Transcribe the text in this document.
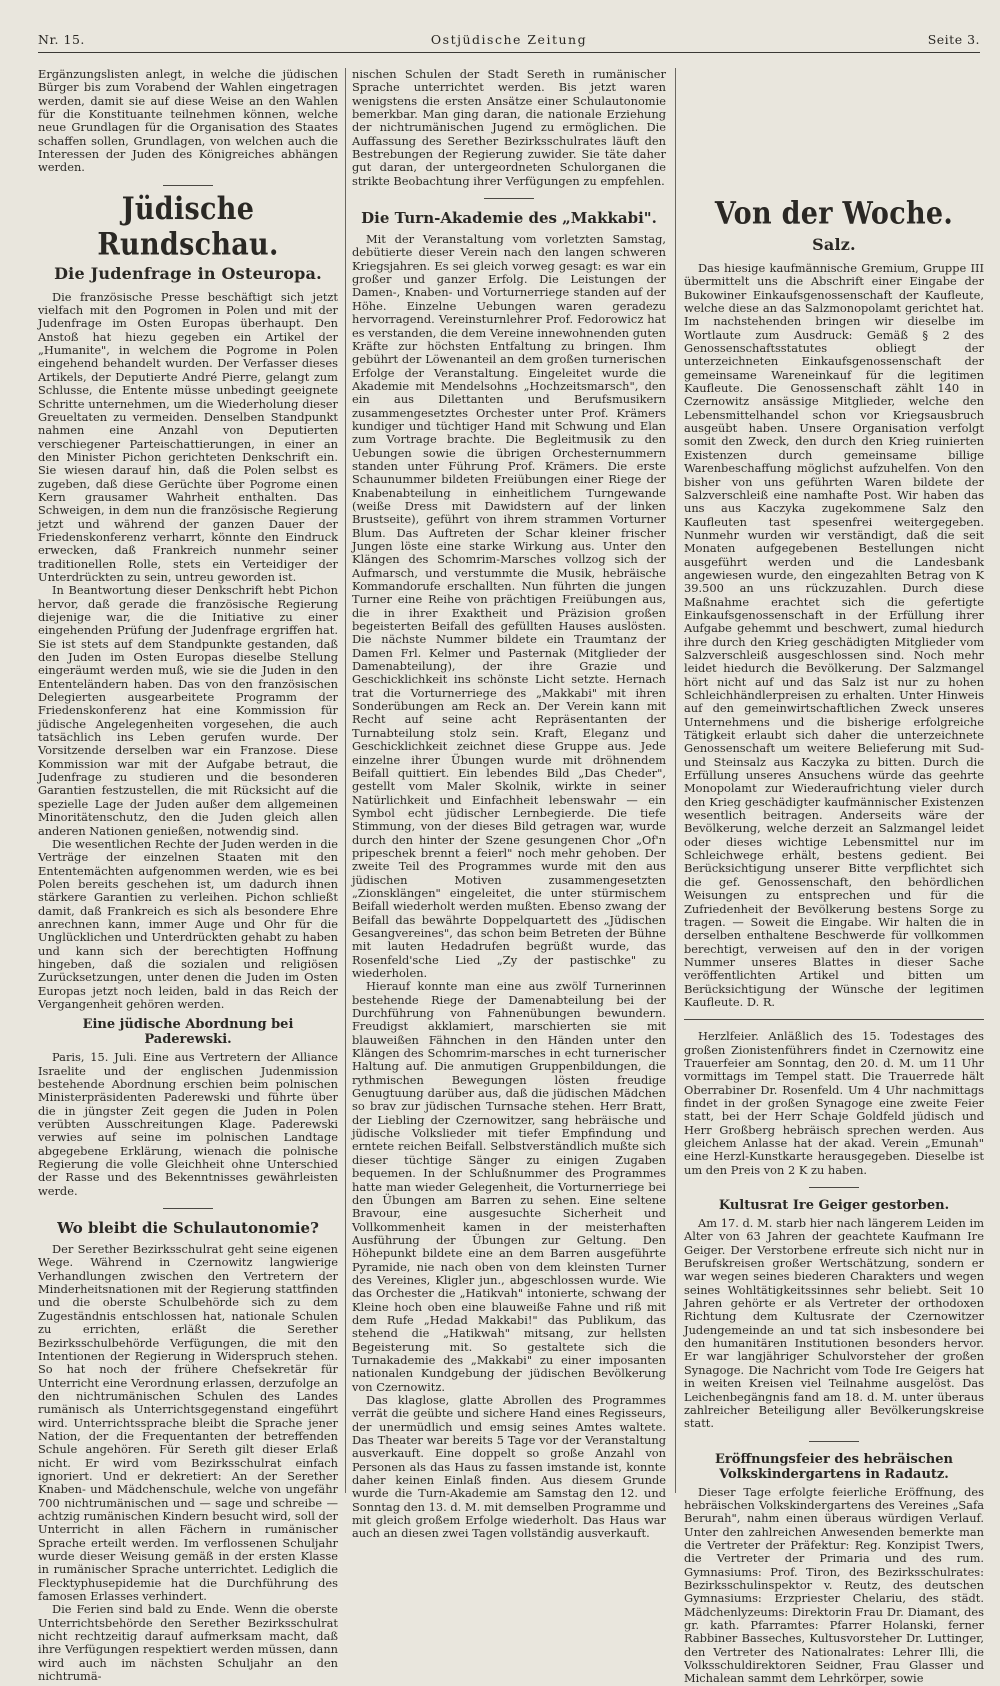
Nr. 15.	Ostjüdische Zeitung	Seite 3.

Ergänzungslisten anlegt, in welche die jüdischen Bürger bis zum Vorabend der Wahlen eingetragen werden, damit sie auf diese Weise an den Wahlen für die Konstituante teilnehmen können, welche neue Grundlagen für die Organisation des Staates schaffen sollen, Grundlagen, von welchen auch die Interessen der Juden des Königreiches abhängen werden.

Jüdische Rundschau.
Die Judenfrage in Osteuropa.

Die französische Presse beschäftigt sich jetzt vielfach mit den Pogromen in Polen und mit der Judenfrage im Osten Europas überhaupt. Den Anstoß hat hiezu gegeben ein Artikel der „Humanite", in welchem die Pogrome in Polen eingehend behandelt wurden. Der Verfasser dieses Artikels, der Deputierte André Pierre, gelangt zum Schlusse, die Entente müsse unbedingt geeignete Schritte unternehmen, um die Wiederholung dieser Greueltaten zu vermeiden. Denselben Standpunkt nahmen eine Anzahl von Deputierten verschiegener Parteischattierungen, in einer an den Minister Pichon gerichteten Denkschrift ein. Sie wiesen darauf hin, daß die Polen selbst es zugeben, daß diese Gerüchte über Pogrome einen Kern grausamer Wahrheit enthalten. Das Schweigen, in dem nun die französische Regierung jetzt und während der ganzen Dauer der Friedenskonferenz verharrt, könnte den Eindruck erwecken, daß Frankreich nunmehr seiner traditionellen Rolle, stets ein Verteidiger der Unterdrückten zu sein, untreu geworden ist.

In Beantwortung dieser Denkschrift hebt Pichon hervor, daß gerade die französische Regierung diejenige war, die die Initiative zu einer eingehenden Prüfung der Judenfrage ergriffen hat. Sie ist stets auf dem Standpunkte gestanden, daß den Juden im Osten Europas dieselbe Stellung eingeräumt werden muß, wie sie die Juden in den Ententeländern haben. Das von den französischen Delegierten ausgearbeitete Programm der Friedenskonferenz hat eine Kommission für jüdische Angelegenheiten vorgesehen, die auch tatsächlich ins Leben gerufen wurde. Der Vorsitzende derselben war ein Franzose. Diese Kommission war mit der Aufgabe betraut, die Judenfrage zu studieren und die besonderen Garantien festzustellen, die mit Rücksicht auf die spezielle Lage der Juden außer dem allgemeinen Minoritätenschutz, den die Juden gleich allen anderen Nationen genießen, notwendig sind.

Die wesentlichen Rechte der Juden werden in die Verträge der einzelnen Staaten mit den Ententemächten aufgenommen werden, wie es bei Polen bereits geschehen ist, um dadurch ihnen stärkere Garantien zu verleihen. Pichon schließt damit, daß Frankreich es sich als besondere Ehre anrechnen kann, immer Auge und Ohr für die Unglücklichen und Unterdrückten gehabt zu haben und kann sich der berechtigten Hoffnung hingeben, daß die sozialen und religiösen Zurücksetzungen, unter denen die Juden im Osten Europas jetzt noch leiden, bald in das Reich der Vergangenheit gehören werden.

Eine jüdische Abordnung bei Paderewski.

Paris, 15. Juli. Eine aus Vertretern der Alliance Israelite und der englischen Judenmission bestehende Abordnung erschien beim polnischen Ministerpräsidenten Paderewski und führte über die in jüngster Zeit gegen die Juden in Polen verübten Ausschreitungen Klage. Paderewski verwies auf seine im polnischen Landtage abgegebene Erklärung, wienach die polnische Regierung die volle Gleichheit ohne Unterschied der Rasse und des Bekenntnisses gewährleisten werde.

Wo bleibt die Schulautonomie?

Der Serether Bezirksschulrat geht seine eigenen Wege. Während in Czernowitz langwierige Verhandlungen zwischen den Vertretern der Minderheitsnationen mit der Regierung stattfinden und die oberste Schulbehörde sich zu dem Zugeständnis entschlossen hat, nationale Schulen zu errichten, erläßt die Serether Bezirksschulbehörde Verfügungen, die mit den Intentionen der Regierung in Widerspruch stehen. So hat noch der frühere Chefsekretär für Unterricht eine Verordnung erlassen, derzufolge an den nichtrumänischen Schulen des Landes rumänisch als Unterrichtsgegenstand eingeführt wird. Unterrichtssprache bleibt die Sprache jener Nation, der die Frequentanten der betreffenden Schule angehören. Für Sereth gilt dieser Erlaß nicht. Er wird vom Bezirksschulrat einfach ignoriert. Und er dekretiert: An der Serether Knaben- und Mädchenschule, welche von ungefähr 700 nichtrumänischen und — sage und schreibe — achtzig rumänischen Kindern besucht wird, soll der Unterricht in allen Fächern in rumänischer Sprache erteilt werden. Im verflossenen Schuljahr wurde dieser Weisung gemäß in der ersten Klasse in rumänischer Sprache unterrichtet. Lediglich die Flecktyphusepidemie hat die Durchführung des famosen Erlasses verhindert.

Die Ferien sind bald zu Ende. Wenn die oberste Unterrichtsbehörde den Serether Bezirksschulrat nicht rechtzeitig darauf aufmerksam macht, daß ihre Verfügungen respektiert werden müssen, dann wird auch im nächsten Schuljahr an den nichtrumä-

nischen Schulen der Stadt Sereth in rumänischer Sprache unterrichtet werden. Bis jetzt waren wenigstens die ersten Ansätze einer Schulautonomie bemerkbar. Man ging daran, die nationale Erziehung der nichtrumänischen Jugend zu ermöglichen. Die Auffassung des Serether Bezirksschulrates läuft den Bestrebungen der Regierung zuwider. Sie täte daher gut daran, der untergeordneten Schulorganen die strikte Beobachtung ihrer Verfügungen zu empfehlen.

Die Turn-Akademie des „Makkabi".

Mit der Veranstaltung vom vorletzten Samstag, debütierte dieser Verein nach den langen schweren Kriegsjahren. Es sei gleich vorweg gesagt: es war ein großer und ganzer Erfolg. Die Leistungen der Damen-, Knaben- und Vorturnerriege standen auf der Höhe. Einzelne Uebungen waren geradezu hervorragend. Vereinsturnlehrer Prof. Fedorowicz hat es verstanden, die dem Vereine innewohnenden guten Kräfte zur höchsten Entfaltung zu bringen. Ihm gebührt der Löwenanteil an dem großen turnerischen Erfolge der Veranstaltung. Eingeleitet wurde die Akademie mit Mendelsohns „Hochzeitsmarsch", den ein aus Dilettanten und Berufsmusikern zusammengesetztes Orchester unter Prof. Krämers kundiger und tüchtiger Hand mit Schwung und Elan zum Vortrage brachte. Die Begleitmusik zu den Uebungen sowie die übrigen Orchesternummern standen unter Führung Prof. Krämers. Die erste Schaunummer bildeten Freiübungen einer Riege der Knabenabteilung in einheitlichem Turngewande (weiße Dress mit Dawidstern auf der linken Brustseite), geführt von ihrem strammen Vorturner Blum. Das Auftreten der Schar kleiner frischer Jungen löste eine starke Wirkung aus. Unter den Klängen des Schomrim-Marsches vollzog sich der Aufmarsch, und verstummte die Musik, hebräische Kommandorufe erschallten. Nun führten die jungen Turner eine Reihe von prächtigen Freiübungen aus, die in ihrer Exaktheit und Präzision großen begeisterten Beifall des gefüllten Hauses auslösten. Die nächste Nummer bildete ein Traumtanz der Damen Frl. Kelmer und Pasternak (Mitglieder der Damenabteilung), der ihre Grazie und Geschicklichkeit ins schönste Licht setzte. Hernach trat die Vorturnerriege des „Makkabi" mit ihren Sonderübungen am Reck an. Der Verein kann mit Recht auf seine acht Repräsentanten der Turnabteilung stolz sein. Kraft, Eleganz und Geschicklichkeit zeichnet diese Gruppe aus. Jede einzelne ihrer Übungen wurde mit dröhnendem Beifall quittiert. Ein lebendes Bild „Das Cheder", gestellt vom Maler Skolnik, wirkte in seiner Natürlichkeit und Einfachheit lebenswahr — ein Symbol echt jüdischer Lernbegierde. Die tiefe Stimmung, von der dieses Bild getragen war, wurde durch den hinter der Szene gesungenen Chor „Of'n pripeschek brennt a feierl" noch mehr gehoben. Der zweite Teil des Programmes wurde mit den aus jüdischen Motiven zusammengesetzten „Zionsklängen" eingeleitet, die unter stürmischem Beifall wiederholt werden mußten. Ebenso zwang der Beifall das bewährte Doppelquartett des „Jüdischen Gesangvereines", das schon beim Betreten der Bühne mit lauten Hedadrufen begrüßt wurde, das Rosenfeld'sche Lied „Zy der pastischke" zu wiederholen.

Hierauf konnte man eine aus zwölf Turnerinnen bestehende Riege der Damenabteilung bei der Durchführung von Fahnenübungen bewundern. Freudigst akklamiert, marschierten sie mit blauweißen Fähnchen in den Händen unter den Klängen des Schomrim-marsches in echt turnerischer Haltung auf. Die anmutigen Gruppenbildungen, die rythmischen Bewegungen lösten freudige Genugtuung darüber aus, daß die jüdischen Mädchen so brav zur jüdischen Turnsache stehen. Herr Bratt, der Liebling der Czernowitzer, sang hebräische und jüdische Volkslieder mit tiefer Empfindung und erntete reichen Beifall. Selbstverständlich mußte sich dieser tüchtige Sänger zu einigen Zugaben bequemen. In der Schlußnummer des Programmes hatte man wieder Gelegenheit, die Vorturnerriege bei den Übungen am Barren zu sehen. Eine seltene Bravour, eine ausgesuchte Sicherheit und Vollkommenheit kamen in der meisterhaften Ausführung der Übungen zur Geltung. Den Höhepunkt bildete eine an dem Barren ausgeführte Pyramide, nie nach oben von dem kleinsten Turner des Vereines, Kligler jun., abgeschlossen wurde. Wie das Orchester die „Hatikvah" intonierte, schwang der Kleine hoch oben eine blauweiße Fahne und riß mit dem Rufe „Hedad Makkabi!" das Publikum, das stehend die „Hatikwah" mitsang, zur hellsten Begeisterung mit. So gestaltete sich die Turnakademie des „Makkabi" zu einer imposanten nationalen Kundgebung der jüdischen Bevölkerung von Czernowitz.

Das klaglose, glatte Abrollen des Programmes verrät die geübte und sichere Hand eines Regisseurs, der unermüdlich und emsig seines Amtes waltete. Das Theater war bereits 5 Tage vor der Veranstaltung ausverkauft. Eine doppelt so große Anzahl von Personen als das Haus zu fassen imstande ist, konnte daher keinen Einlaß finden. Aus diesem Grunde wurde die Turn-Akademie am Samstag den 12. und Sonntag den 13. d. M. mit demselben Programme und mit gleich großem Erfolge wiederholt. Das Haus war auch an diesen zwei Tagen vollständig ausverkauft.

Von der Woche.
Salz.

Das hiesige kaufmännische Gremium, Gruppe III übermittelt uns die Abschrift einer Eingabe der Bukowiner Einkaufsgenossenschaft der Kaufleute, welche diese an das Salzmonopolamt gerichtet hat. Im nachstehenden bringen wir dieselbe im Wortlaute zum Ausdruck: Gemäß § 2 des Genossenschaftsstatutes obliegt der unterzeichneten Einkaufsgenossenschaft der gemeinsame Wareneinkauf für die legitimen Kaufleute. Die Genossenschaft zählt 140 in Czernowitz ansässige Mitglieder, welche den Lebensmittelhandel schon vor Kriegsausbruch ausgeübt haben. Unsere Organisation verfolgt somit den Zweck, den durch den Krieg ruinierten Existenzen durch gemeinsame billige Warenbeschaffung möglichst aufzuhelfen. Von den bisher von uns geführten Waren bildete der Salzverschleiß eine namhafte Post. Wir haben das uns aus Kaczyka zugekommene Salz den Kaufleuten tast spesenfrei weitergegeben. Nunmehr wurden wir verständigt, daß die seit Monaten aufgegebenen Bestellungen nicht ausgeführt werden und die Landesbank angewiesen wurde, den eingezahlten Betrag von K 39.500 an uns rückzuzahlen. Durch diese Maßnahme erachtet sich die gefertigte Einkaufsgenossenschaft in der Erfüllung ihrer Aufgabe gehemmt und beschwert, zumal hiedurch ihre durch den Krieg geschädigten Mitglieder vom Salzverschleiß ausgeschlossen sind. Noch mehr leidet hiedurch die Bevölkerung. Der Salzmangel hört nicht auf und das Salz ist nur zu hohen Schleichhändlerpreisen zu erhalten. Unter Hinweis auf den gemeinwirtschaftlichen Zweck unseres Unternehmens und die bisherige erfolgreiche Tätigkeit erlaubt sich daher die unterzeichnete Genossenschaft um weitere Belieferung mit Sud- und Steinsalz aus Kaczyka zu bitten. Durch die Erfüllung unseres Ansuchens würde das geehrte Monopolamt zur Wiederaufrichtung vieler durch den Krieg geschädigter kaufmännischer Existenzen wesentlich beitragen. Anderseits wäre der Bevölkerung, welche derzeit an Salzmangel leidet oder dieses wichtige Lebensmittel nur im Schleichwege erhält, bestens gedient. Bei Berücksichtigung unserer Bitte verpflichtet sich die gef. Genossenschaft, den behördlichen Weisungen zu entsprechen und für die Zufriedenheit der Bevölkerung bestens Sorge zu tragen. — Soweit die Eingabe. Wir halten die in derselben enthaltene Beschwerde für vollkommen berechtigt, verweisen auf den in der vorigen Nummer unseres Blattes in dieser Sache veröffentlichten Artikel und bitten um Berücksichtigung der Wünsche der legitimen Kaufleute. D. R.

Herzlfeier. Anläßlich des 15. Todestages des großen Zionistenführers findet in Czernowitz eine Trauerfeier am Sonntag, den 20. d. M. um 11 Uhr vormittags im Tempel statt. Die Trauerrede hält Oberrabiner Dr. Rosenfeld. Um 4 Uhr nachmittags findet in der großen Synagoge eine zweite Feier statt, bei der Herr Schaje Goldfeld jüdisch und Herr Großberg hebräisch sprechen werden. Aus gleichem Anlasse hat der akad. Verein „Emunah" eine Herzl-Kunstkarte herausgegeben. Dieselbe ist um den Preis von 2 K zu haben.

Kultusrat Ire Geiger gestorben.

Am 17. d. M. starb hier nach längerem Leiden im Alter von 63 Jahren der geachtete Kaufmann Ire Geiger. Der Verstorbene erfreute sich nicht nur in Berufskreisen großer Wertschätzung, sondern er war wegen seines biederen Charakters und wegen seines Wohltätigkeitssinnes sehr beliebt. Seit 10 Jahren gehörte er als Vertreter der orthodoxen Richtung dem Kultusrate der Czernowitzer Judengemeinde an und tat sich insbesondere bei den humanitären Institutionen besonders hervor. Er war langjähriger Schulvorsteher der großen Synagoge. Die Nachricht vom Tode Ire Geigers hat in weiten Kreisen viel Teilnahme ausgelöst. Das Leichenbegängnis fand am 18. d. M. unter überaus zahlreicher Beteiligung aller Bevölkerungskreise statt.

Eröffnungsfeier des hebräischen Volkskindergartens in Radautz.

Dieser Tage erfolgte feierliche Eröffnung, des hebräischen Volkskindergartens des Vereines „Safa Berurah", nahm einen überaus würdigen Verlauf. Unter den zahlreichen Anwesenden bemerkte man die Vertreter der Präfektur: Reg. Konzipist Twers, die Vertreter der Primaria und des rum. Gymnasiums: Prof. Tiron, des Bezirksschulrates: Bezirksschulinspektor v. Reutz, des deutschen Gymnasiums: Erzpriester Chelariu, des städt. Mädchenlyzeums: Direktorin Frau Dr. Diamant, des gr. kath. Pfarramtes: Pfarrer Holanski, ferner Rabbiner Basseches, Kultusvorsteher Dr. Luttinger, den Vertreter des Nationalrates: Lehrer Illi, die Volksschuldirektoren Seidner, Frau Glasser und Michalean sammt dem Lehrkörper, sowie
